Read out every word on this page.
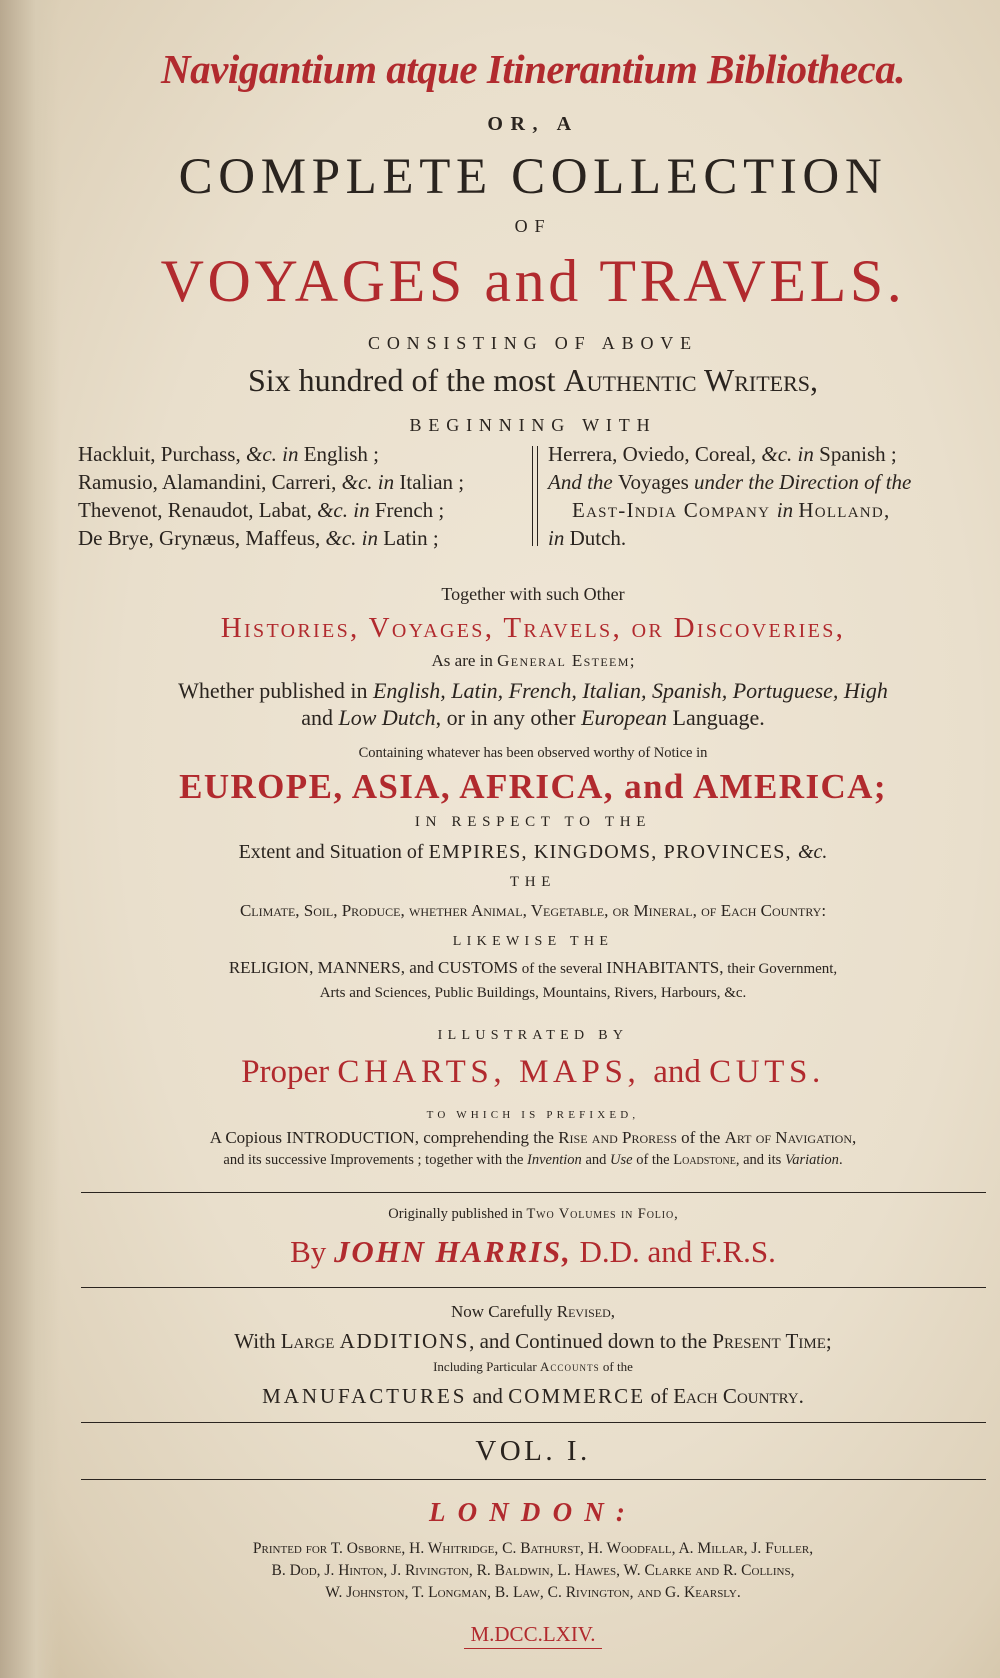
Navigantium atque Itinerantium Bibliotheca.
OR, A
COMPLETE COLLECTION
OF
VOYAGES and TRAVELS.
CONSISTING OF ABOVE
Six hundred of the most Authentic Writers,
BEGINNING WITH
Hackluit, Purchass, &c. in English ;
Ramusio, Alamandini, Carreri, &c. in Italian ;
Thevenot, Renaudot, Labat, &c. in French ;
De Brye, Grynæus, Maffeus, &c. in Latin ;
Herrera, Oviedo, Coreal, &c. in Spanish ;
And the Voyages under the Direction of the
East-India Company in Holland,
in Dutch.
Together with such Other
Histories, Voyages, Travels, or Discoveries,
As are in General Esteem;
Whether published in English, Latin, French, Italian, Spanish, Portuguese, High
and Low Dutch, or in any other European Language.
Containing whatever has been observed worthy of Notice in
EUROPE, ASIA, AFRICA, and AMERICA;
IN RESPECT TO THE
Extent and Situation of EMPIRES, KINGDOMS, PROVINCES, &c.
THE
Climate, Soil, Produce, whether Animal, Vegetable, or Mineral, of Each Country:
LIKEWISE THE
RELIGION, MANNERS, and CUSTOMS of the several INHABITANTS, their Government,
Arts and Sciences, Public Buildings, Mountains, Rivers, Harbours, &c.
ILLUSTRATED BY
Proper CHARTS, MAPS, and CUTS.
TO WHICH IS PREFIXED,
A Copious INTRODUCTION, comprehending the Rise and Proress of the Art of Navigation,
and its successive Improvements ; together with the Invention and Use of the Loadstone, and its Variation.
Originally published in Two Volumes in Folio,
By JOHN HARRIS, D.D. and F.R.S.
Now Carefully Revised,
With Large ADDITIONS, and Continued down to the Present Time;
Including Particular Accounts of the
MANUFACTURES and COMMERCE of Each Country.
VOL. I.
LONDON:
Printed for T. Osborne, H. Whitridge, C. Bathurst, H. Woodfall, A. Millar, J. Fuller,
B. Dod, J. Hinton, J. Rivington, R. Baldwin, L. Hawes, W. Clarke and R. Collins,
W. Johnston, T. Longman, B. Law, C. Rivington, and G. Kearsly.
M.DCC.LXIV.
